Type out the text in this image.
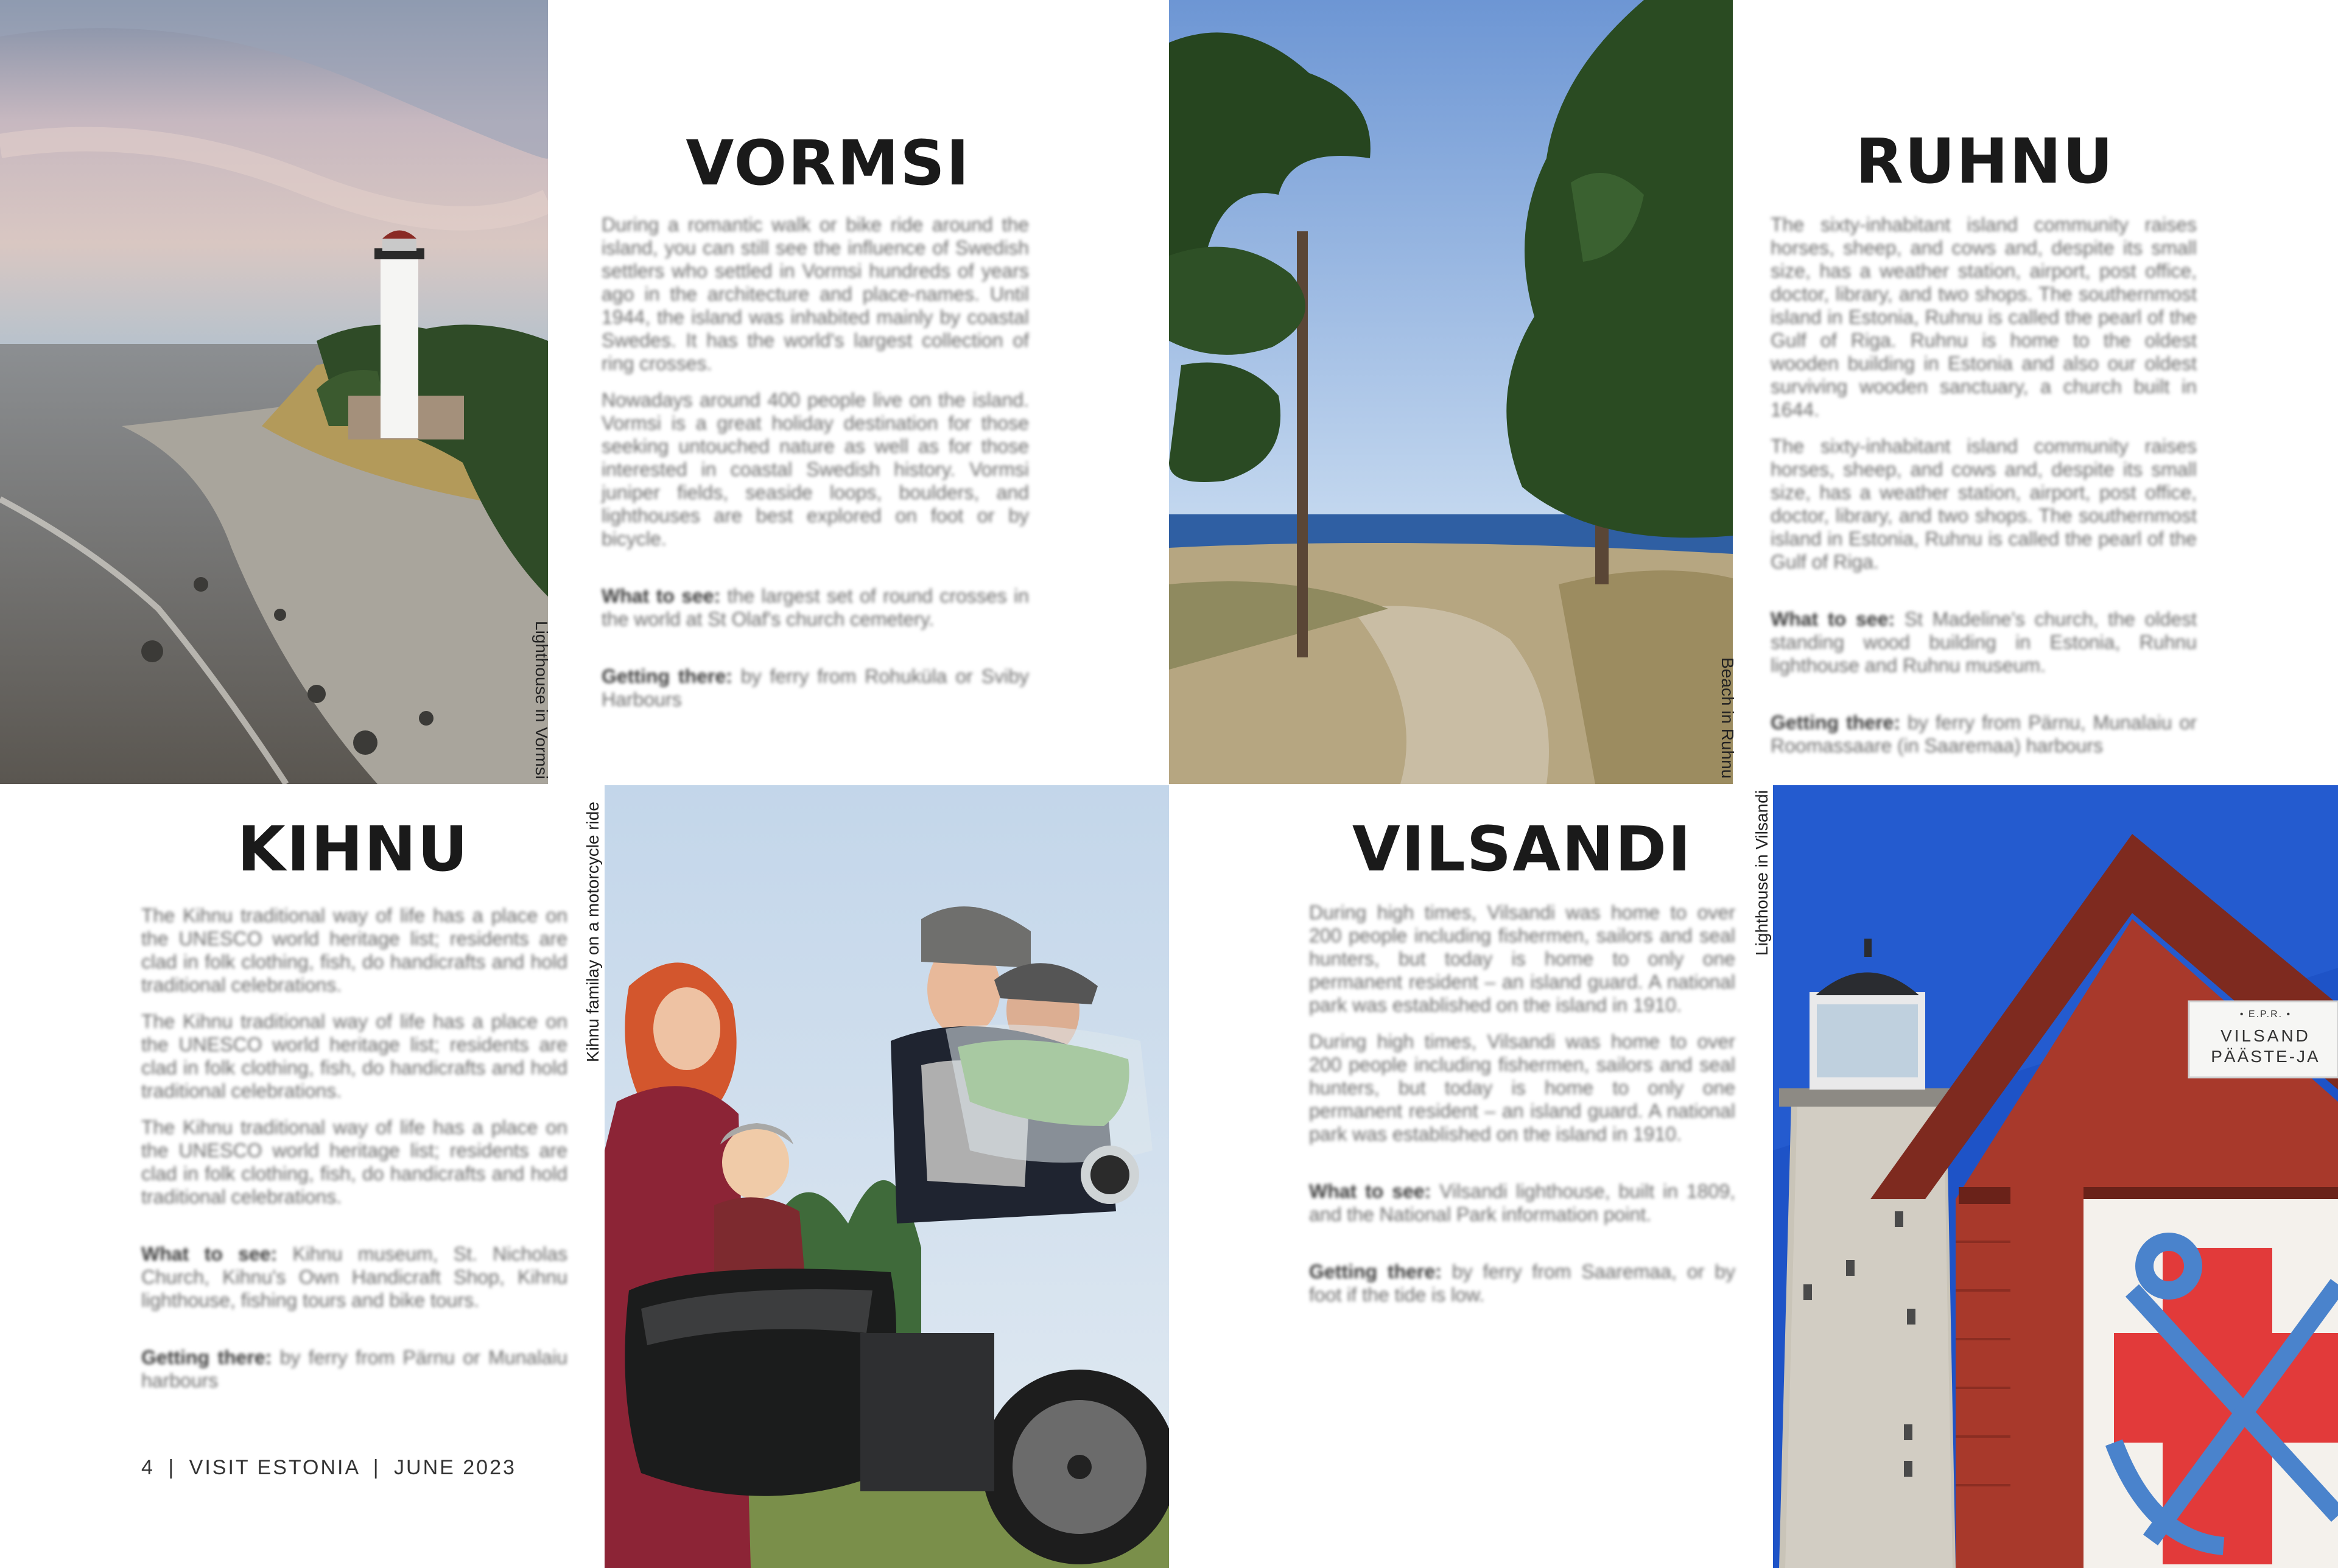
• E.P.R. •
VILSAND
PÄÄSTE-JA
VORMSI	RUHNU
KIHNU	VILSANDI

During a romantic walk or bike ride around the island, you can still see the influence of Swedish settlers who settled in Vormsi hundreds of years ago in the architecture and place-names. Until 1944, the island was inhabited mainly by coastal Swedes. It has the world's largest collection of ring crosses.

Nowadays around 400 people live on the island. Vormsi is a great holiday destination for those seeking untouched nature as well as for those interested in coastal Swedish history. Vormsi juniper fields, seaside loops, boulders, and lighthouses are best explored on foot or by bicycle.

What to see: the largest set of round crosses in the world at St Olaf's church cemetery.

Getting there: by ferry from Rohuküla or Sviby Harbours

The sixty-inhabitant island community raises horses, sheep, and cows and, despite its small size, has a weather station, airport, post office, doctor, library, and two shops. The southernmost island in Estonia, Ruhnu is called the pearl of the Gulf of Riga. Ruhnu is home to the oldest wooden building in Estonia and also our oldest surviving wooden sanctuary, a church built in 1644.

The sixty-inhabitant island community raises horses, sheep, and cows and, despite its small size, has a weather station, airport, post office, doctor, library, and two shops. The southernmost island in Estonia, Ruhnu is called the pearl of the Gulf of Riga.

What to see: St Madeline's church, the oldest standing wood building in Estonia, Ruhnu lighthouse and Ruhnu museum.

Getting there: by ferry from Pärnu, Munalaiu or Roomassaare (in Saaremaa) harbours

The Kihnu traditional way of life has a place on the UNESCO world heritage list; residents are clad in folk clothing, fish, do handicrafts and hold traditional celebrations.

The Kihnu traditional way of life has a place on the UNESCO world heritage list; residents are clad in folk clothing, fish, do handicrafts and hold traditional celebrations.

The Kihnu traditional way of life has a place on the UNESCO world heritage list; residents are clad in folk clothing, fish, do handicrafts and hold traditional celebrations.

What to see: Kihnu museum, St. Nicholas Church, Kihnu's Own Handicraft Shop, Kihnu lighthouse, fishing tours and bike tours.

Getting there: by ferry from Pärnu or Munalaiu harbours

During high times, Vilsandi was home to over 200 people including fishermen, sailors and seal hunters, but today is home to only one permanent resident – an island guard. A national park was established on the island in 1910.

During high times, Vilsandi was home to over 200 people including fishermen, sailors and seal hunters, but today is home to only one permanent resident – an island guard. A national park was established on the island in 1910.

What to see: Vilsandi lighthouse, built in 1809, and the National Park information point.

Getting there: by ferry from Saaremaa, or by foot if the tide is low.

Lighthouse in Vormsi	Beach in Ruhnu
Kihnu familay on a motorcycle ride	Lighthouse in Vilsandi
4 | VISIT ESTONIA | JUNE 2023
